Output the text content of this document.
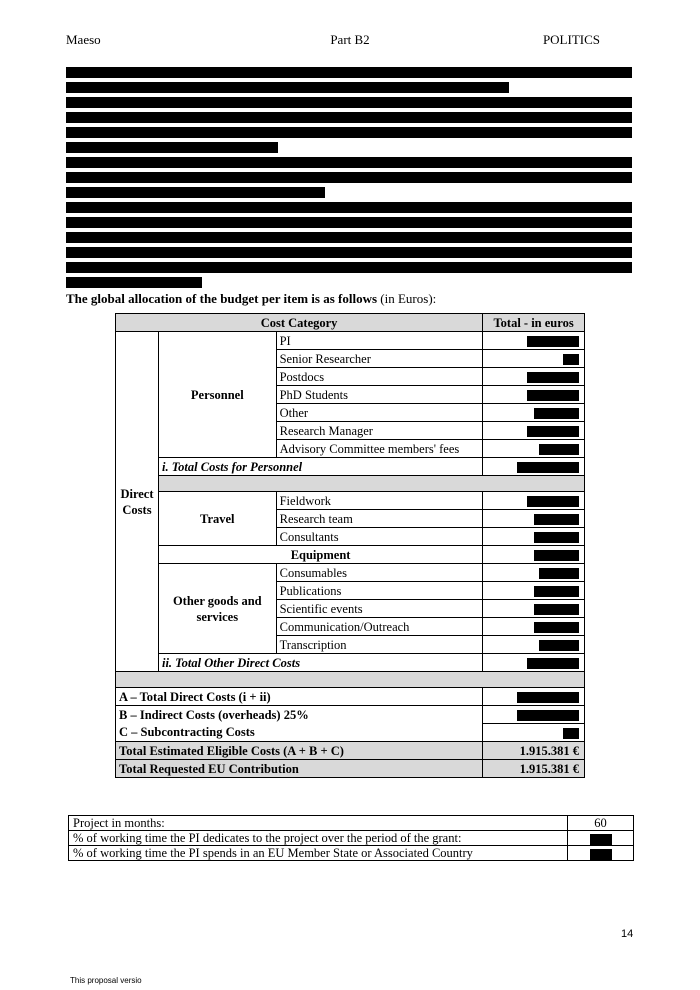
Maeso	Part B2	POLITICS
The global allocation of the budget per item is as follows (in Euros):
Cost Category			Total - in euros
Direct Costs	Personnel	PI	
		Senior Researcher	
		Postdocs	
		PhD Students	
		Other	
		Research Manager	
		Advisory Committee members' fees	
	i. Total Costs for Personnel		

	Travel	Fieldwork	
		Research team	
		Consultants	
	Equipment		
	Other goods and services	Consumables	
		Publications	
		Scientific events	
		Communication/Outreach	
		Transcription	
	ii. Total Other Direct Costs		

A – Total Direct Costs (i + ii)			
B – Indirect Costs (overheads) 25%			
C – Subcontracting Costs			
Total Estimated Eligible Costs (A + B + C)			1.915.381 €
Total Requested EU Contribution			1.915.381 €
Project in months:	60
% of working time the PI dedicates to the project over the period of the grant:	
% of working time the PI spends in an EU Member State or Associated Country	
14
This proposal versio
